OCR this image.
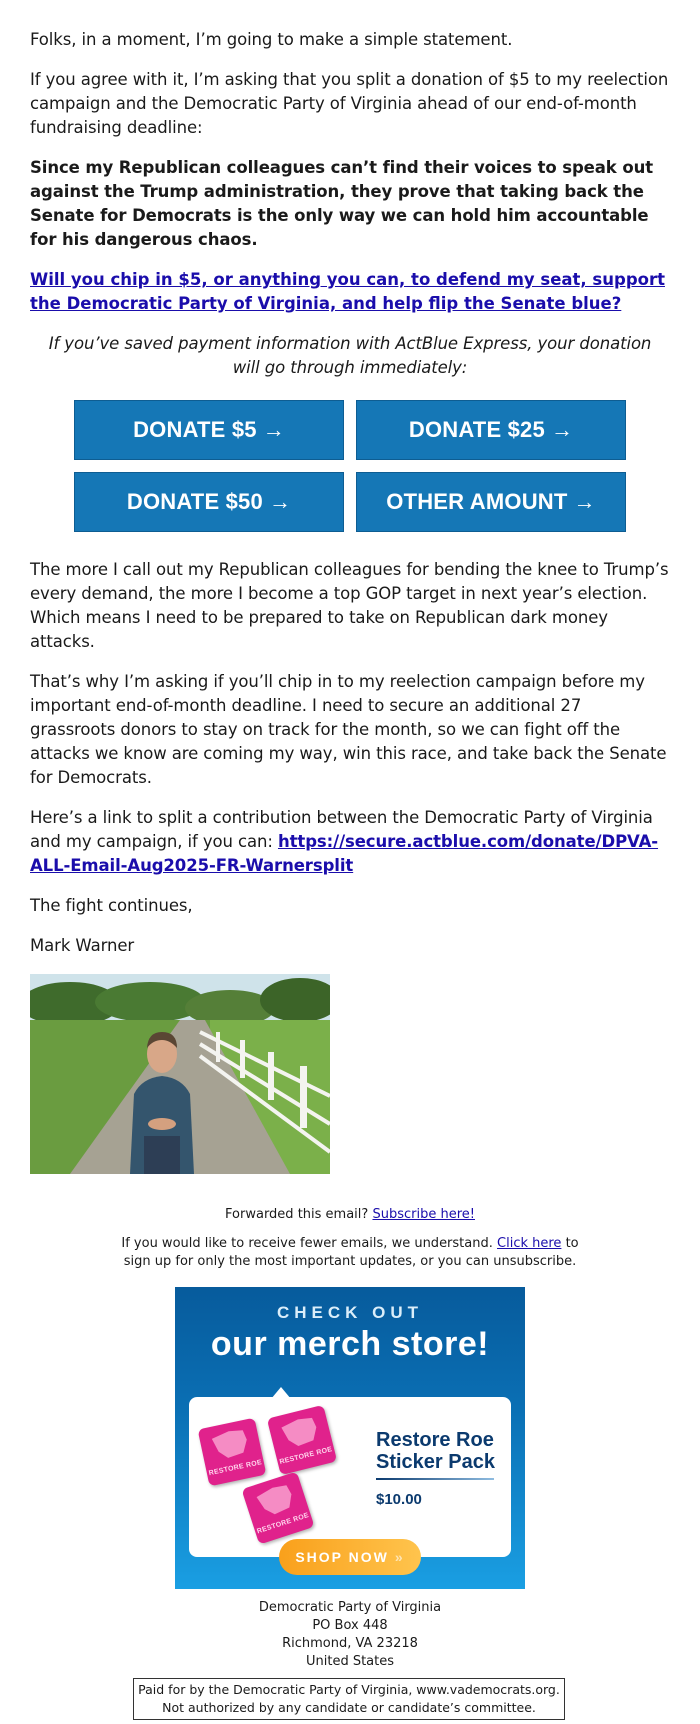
Folks, in a moment, I’m going to make a simple statement.

If you agree with it, I’m asking that you split a donation of $5 to my reelection campaign and the Democratic Party of Virginia ahead of our end-of-month fundraising deadline:

Since my Republican colleagues can’t find their voices to speak out against the Trump administration, they prove that taking back the Senate for Democrats is the only way we can hold him accountable for his dangerous chaos.

Will you chip in $5, or anything you can, to defend my seat, support the Democratic Party of Virginia, and help flip the Senate blue?

If you’ve saved payment information with ActBlue Express, your donation will go through immediately:

DONATE $5 →	DONATE $25 →
DONATE $50 →	OTHER AMOUNT →

The more I call out my Republican colleagues for bending the knee to Trump’s every demand, the more I become a top GOP target in next year’s election. Which means I need to be prepared to take on Republican dark money attacks.

That’s why I’m asking if you’ll chip in to my reelection campaign before my important end-of-month deadline. I need to secure an additional 27 grassroots donors to stay on track for the month, so we can fight off the attacks we know are coming my way, win this race, and take back the Senate for Democrats.

Here’s a link to split a contribution between the Democratic Party of Virginia and my campaign, if you can: https://secure.actblue.com/donate/DPVA-ALL-Email-Aug2025-FR-Warnersplit

The fight continues,

Mark Warner

Forwarded this email? Subscribe here!

If you would like to receive fewer emails, we understand. Click here to sign up for only the most important updates, or you can unsubscribe.

CHECK OUT
our merch store!
RESTORE ROE
RESTORE ROE
RESTORE ROE
Restore Roe
Sticker Pack
$10.00
SHOP NOW »

Democratic Party of Virginia

PO Box 448

Richmond, VA 23218

United States

Paid for by the Democratic Party of Virginia, www.vademocrats.org.

Not authorized by any candidate or candidate’s committee.
